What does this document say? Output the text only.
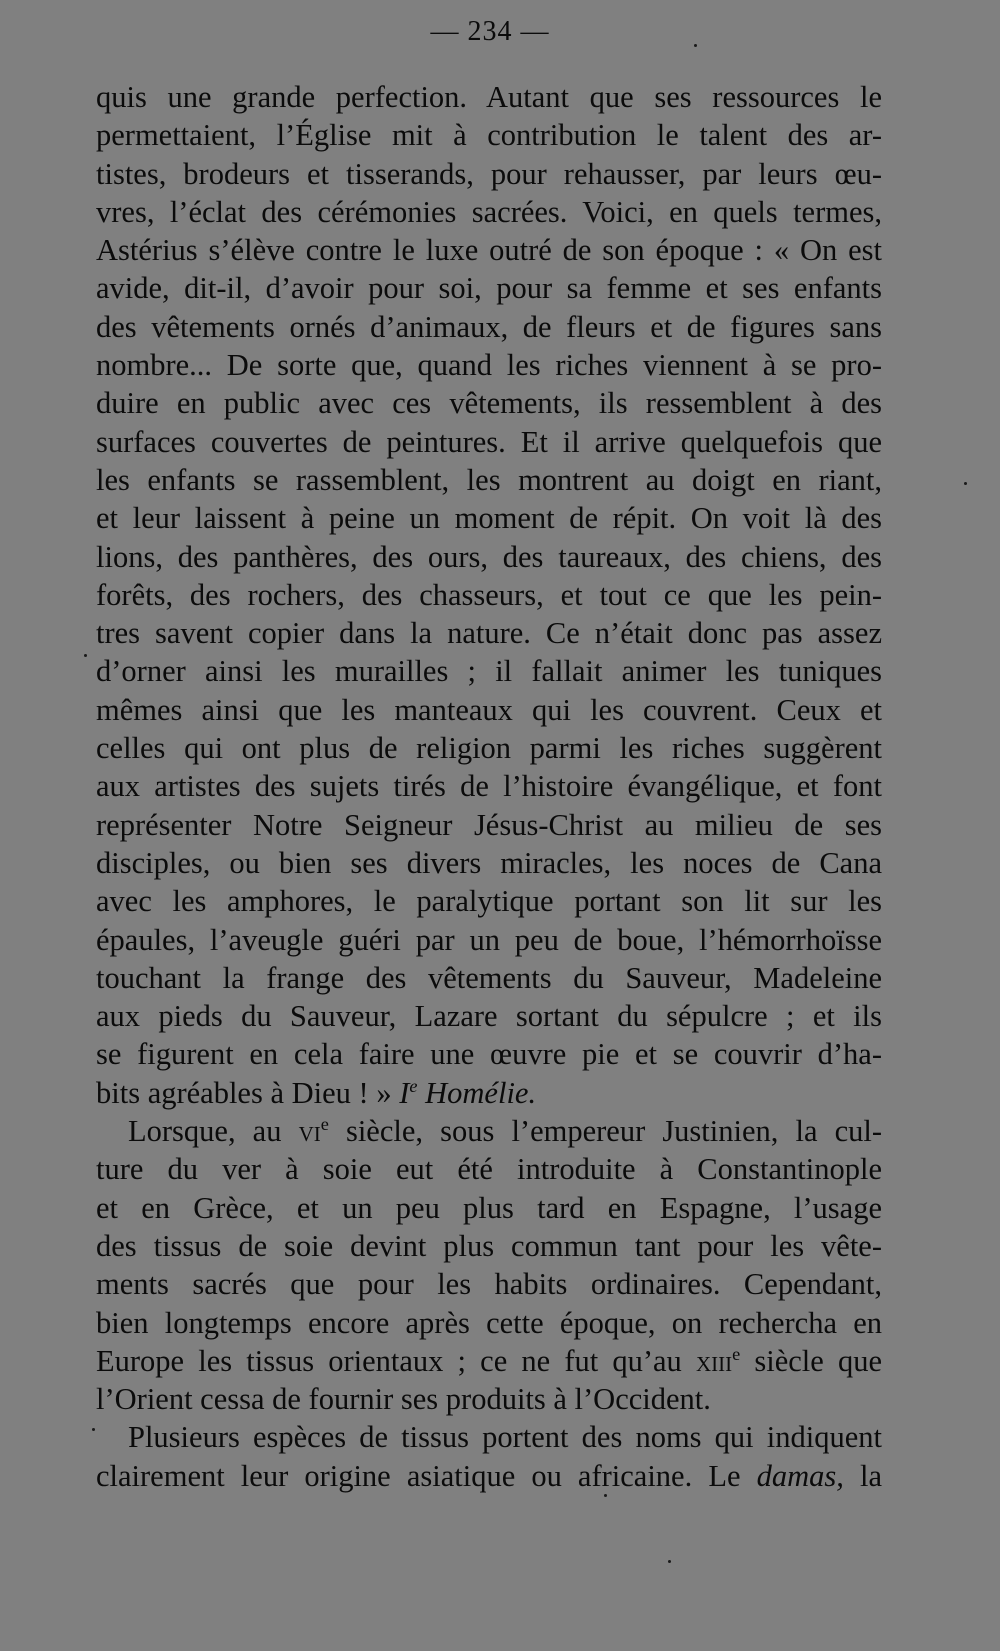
— 234 —
quis une grande perfection. Autant que ses ressources le
permettaient, l’Église mit à contribution le talent des ar-
tistes, brodeurs et tisserands, pour rehausser, par leurs œu-
vres, l’éclat des cérémonies sacrées. Voici, en quels termes,
Astérius s’élève contre le luxe outré de son époque : « On est
avide, dit-il, d’avoir pour soi, pour sa femme et ses enfants
des vêtements ornés d’animaux, de fleurs et de figures sans
nombre... De sorte que, quand les riches viennent à se pro-
duire en public avec ces vêtements, ils ressemblent à des
surfaces couvertes de peintures. Et il arrive quelquefois que
les enfants se rassemblent, les montrent au doigt en riant,
et leur laissent à peine un moment de répit. On voit là des
lions, des panthères, des ours, des taureaux, des chiens, des
forêts, des rochers, des chasseurs, et tout ce que les pein-
tres savent copier dans la nature. Ce n’était donc pas assez
d’orner ainsi les murailles ; il fallait animer les tuniques
mêmes ainsi que les manteaux qui les couvrent. Ceux et
celles qui ont plus de religion parmi les riches suggèrent
aux artistes des sujets tirés de l’histoire évangélique, et font
représenter Notre Seigneur Jésus-Christ au milieu de ses
disciples, ou bien ses divers miracles, les noces de Cana
avec les amphores, le paralytique portant son lit sur les
épaules, l’aveugle guéri par un peu de boue, l’hémorrhoïsse
touchant la frange des vêtements du Sauveur, Madeleine
aux pieds du Sauveur, Lazare sortant du sépulcre ; et ils
se figurent en cela faire une œuvre pie et se couvrir d’ha-
bits agréables à Dieu ! » Ie Homélie.
Lorsque, au $vi^e$ siècle, sous l’empereur Justinien, la cul-
ture du ver à soie eut été introduite à Constantinople
et en Grèce, et un peu plus tard en Espagne, l’usage
des tissus de soie devint plus commun tant pour les vête-
ments sacrés que pour les habits ordinaires. Cependant,
bien longtemps encore après cette époque, on rechercha en
Europe les tissus orientaux ; ce ne fut qu’au xiii$^e$ siècle que
l’Orient cessa de fournir ses produits à l’Occident.
Plusieurs espèces de tissus portent des noms qui indiquent
clairement leur origine asiatique ou africaine. Le damas, la
